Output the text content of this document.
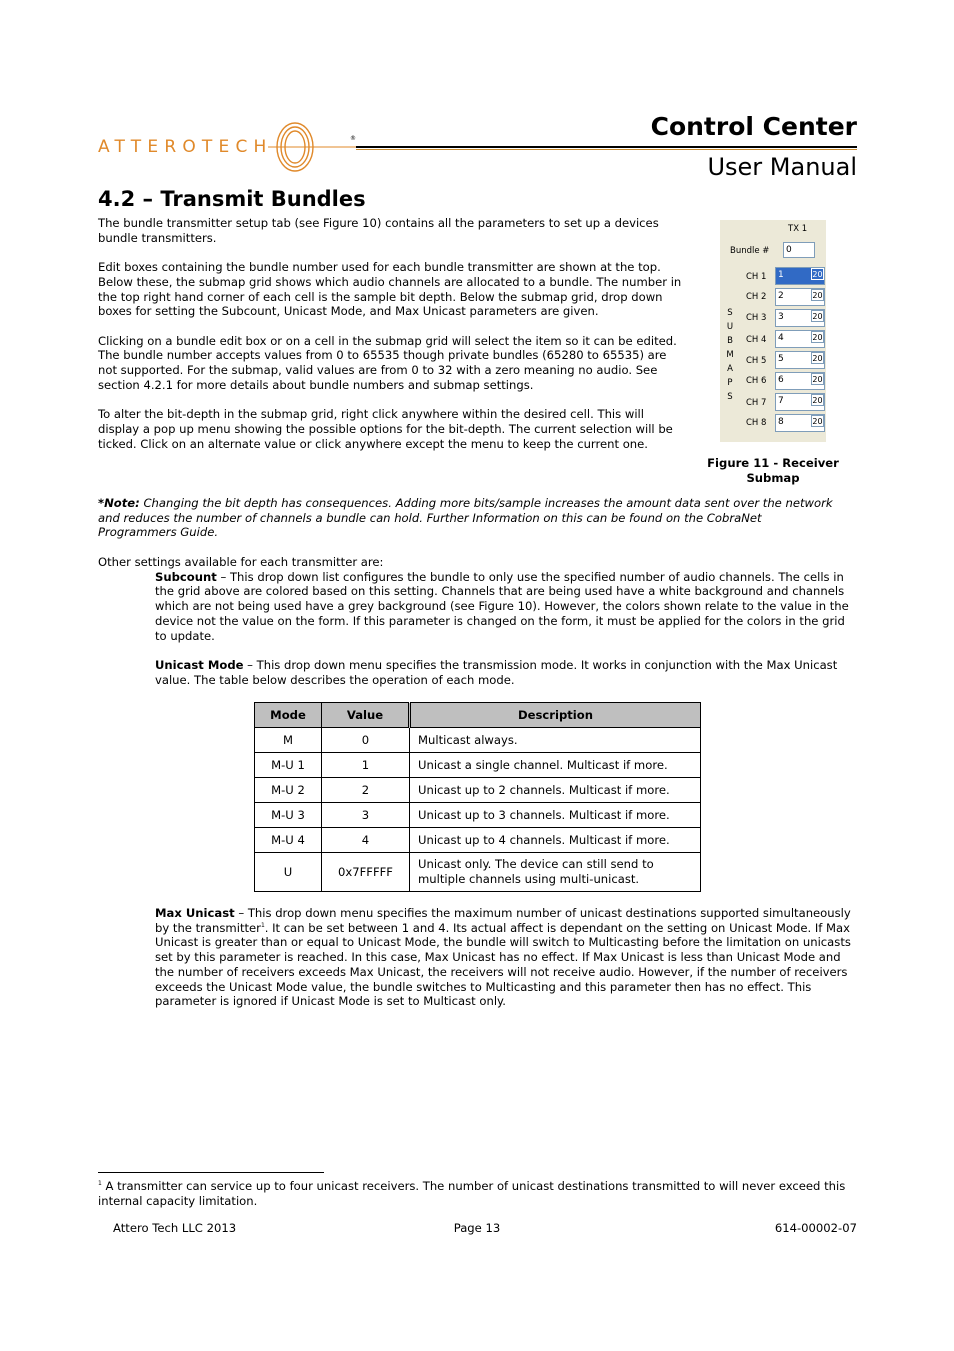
ATTEROTECH	®	Control Center
User Manual
4.2 – Transmit Bundles

The bundle transmitter setup tab (see Figure 10) contains all the parameters to set up a devices bundle transmitters.

Edit boxes containing the bundle number used for each bundle transmitter are shown at the top. Below these, the submap grid shows which audio channels are allocated to a bundle. The number in the top right hand corner of each cell is the sample bit depth. Below the submap grid, drop down boxes for setting the Subcount, Unicast Mode, and Max Unicast parameters are given.

Clicking on a bundle edit box or on a cell in the submap grid will select the item so it can be edited. The bundle number accepts values from 0 to 65535 though private bundles (65280 to 65535) are not supported. For the submap, valid values are from 0 to 32 with a zero meaning no audio. See section 4.2.1 for more details about bundle numbers and submap settings.

To alter the bit-depth in the submap grid, right click anywhere within the desired cell. This will display a pop up menu showing the possible options for the bit-depth. The current selection will be ticked. Click on an alternate value or click anywhere except the menu to keep the current one.

TX 1
Bundle # 0
S
U
B
M
A
P
S
CH 1 1	20
CH 2 2	20
CH 3 3	20
CH 4 4	20
CH 5 5	20
CH 6 6	20
CH 7 7	20
CH 8 8	20
Figure 11 - Receiver Submap
*Note: Changing the bit depth has consequences. Adding more bits/sample increases the amount data sent over the network and reduces the number of channels a bundle can hold. Further Information on this can be found on the CobraNet Programmers Guide.

Other settings available for each transmitter are:

Subcount – This drop down list configures the bundle to only use the specified number of audio channels. The cells in the grid above are colored based on this setting. Channels that are being used have a white background and channels which are not being used have a grey background (see Figure 10). However, the colors shown relate to the value in the device not the value on the form. If this parameter is changed on the form, it must be applied for the colors in the grid to update.

Unicast Mode – This drop down menu specifies the transmission mode. It works in conjunction with the Max Unicast value. The table below describes the operation of each mode.

Mode	Value	Description
M	0	Multicast always.
M-U 1	1	Unicast a single channel. Multicast if more.
M-U 2	2	Unicast up to 2 channels. Multicast if more.
M-U 3	3	Unicast up to 3 channels. Multicast if more.
M-U 4	4	Unicast up to 4 channels. Multicast if more.
U	0x7FFFFF	Unicast only. The device can still send to multiple channels using multi-unicast.
Max Unicast – This drop down menu specifies the maximum number of unicast destinations supported simultaneously by the transmitter$^1$. It can be set between 1 and 4. Its actual affect is dependant on the setting on Unicast Mode. If Max Unicast is greater than or equal to Unicast Mode, the bundle will switch to Multicasting before the limitation on unicasts set by this parameter is reached. In this case, Max Unicast has no effect. If Max Unicast is less than Unicast Mode and the number of receivers exceeds Max Unicast, the receivers will not receive audio. However, if the number of receivers exceeds the Unicast Mode value, the bundle switches to Multicasting and this parameter then has no effect. This parameter is ignored if Unicast Mode is set to Multicast only.
$^1$ A transmitter can service up to four unicast receivers. The number of unicast destinations transmitted to will never exceed this internal capacity limitation.
Attero Tech LLC 2013	Page 13	614-00002-07
